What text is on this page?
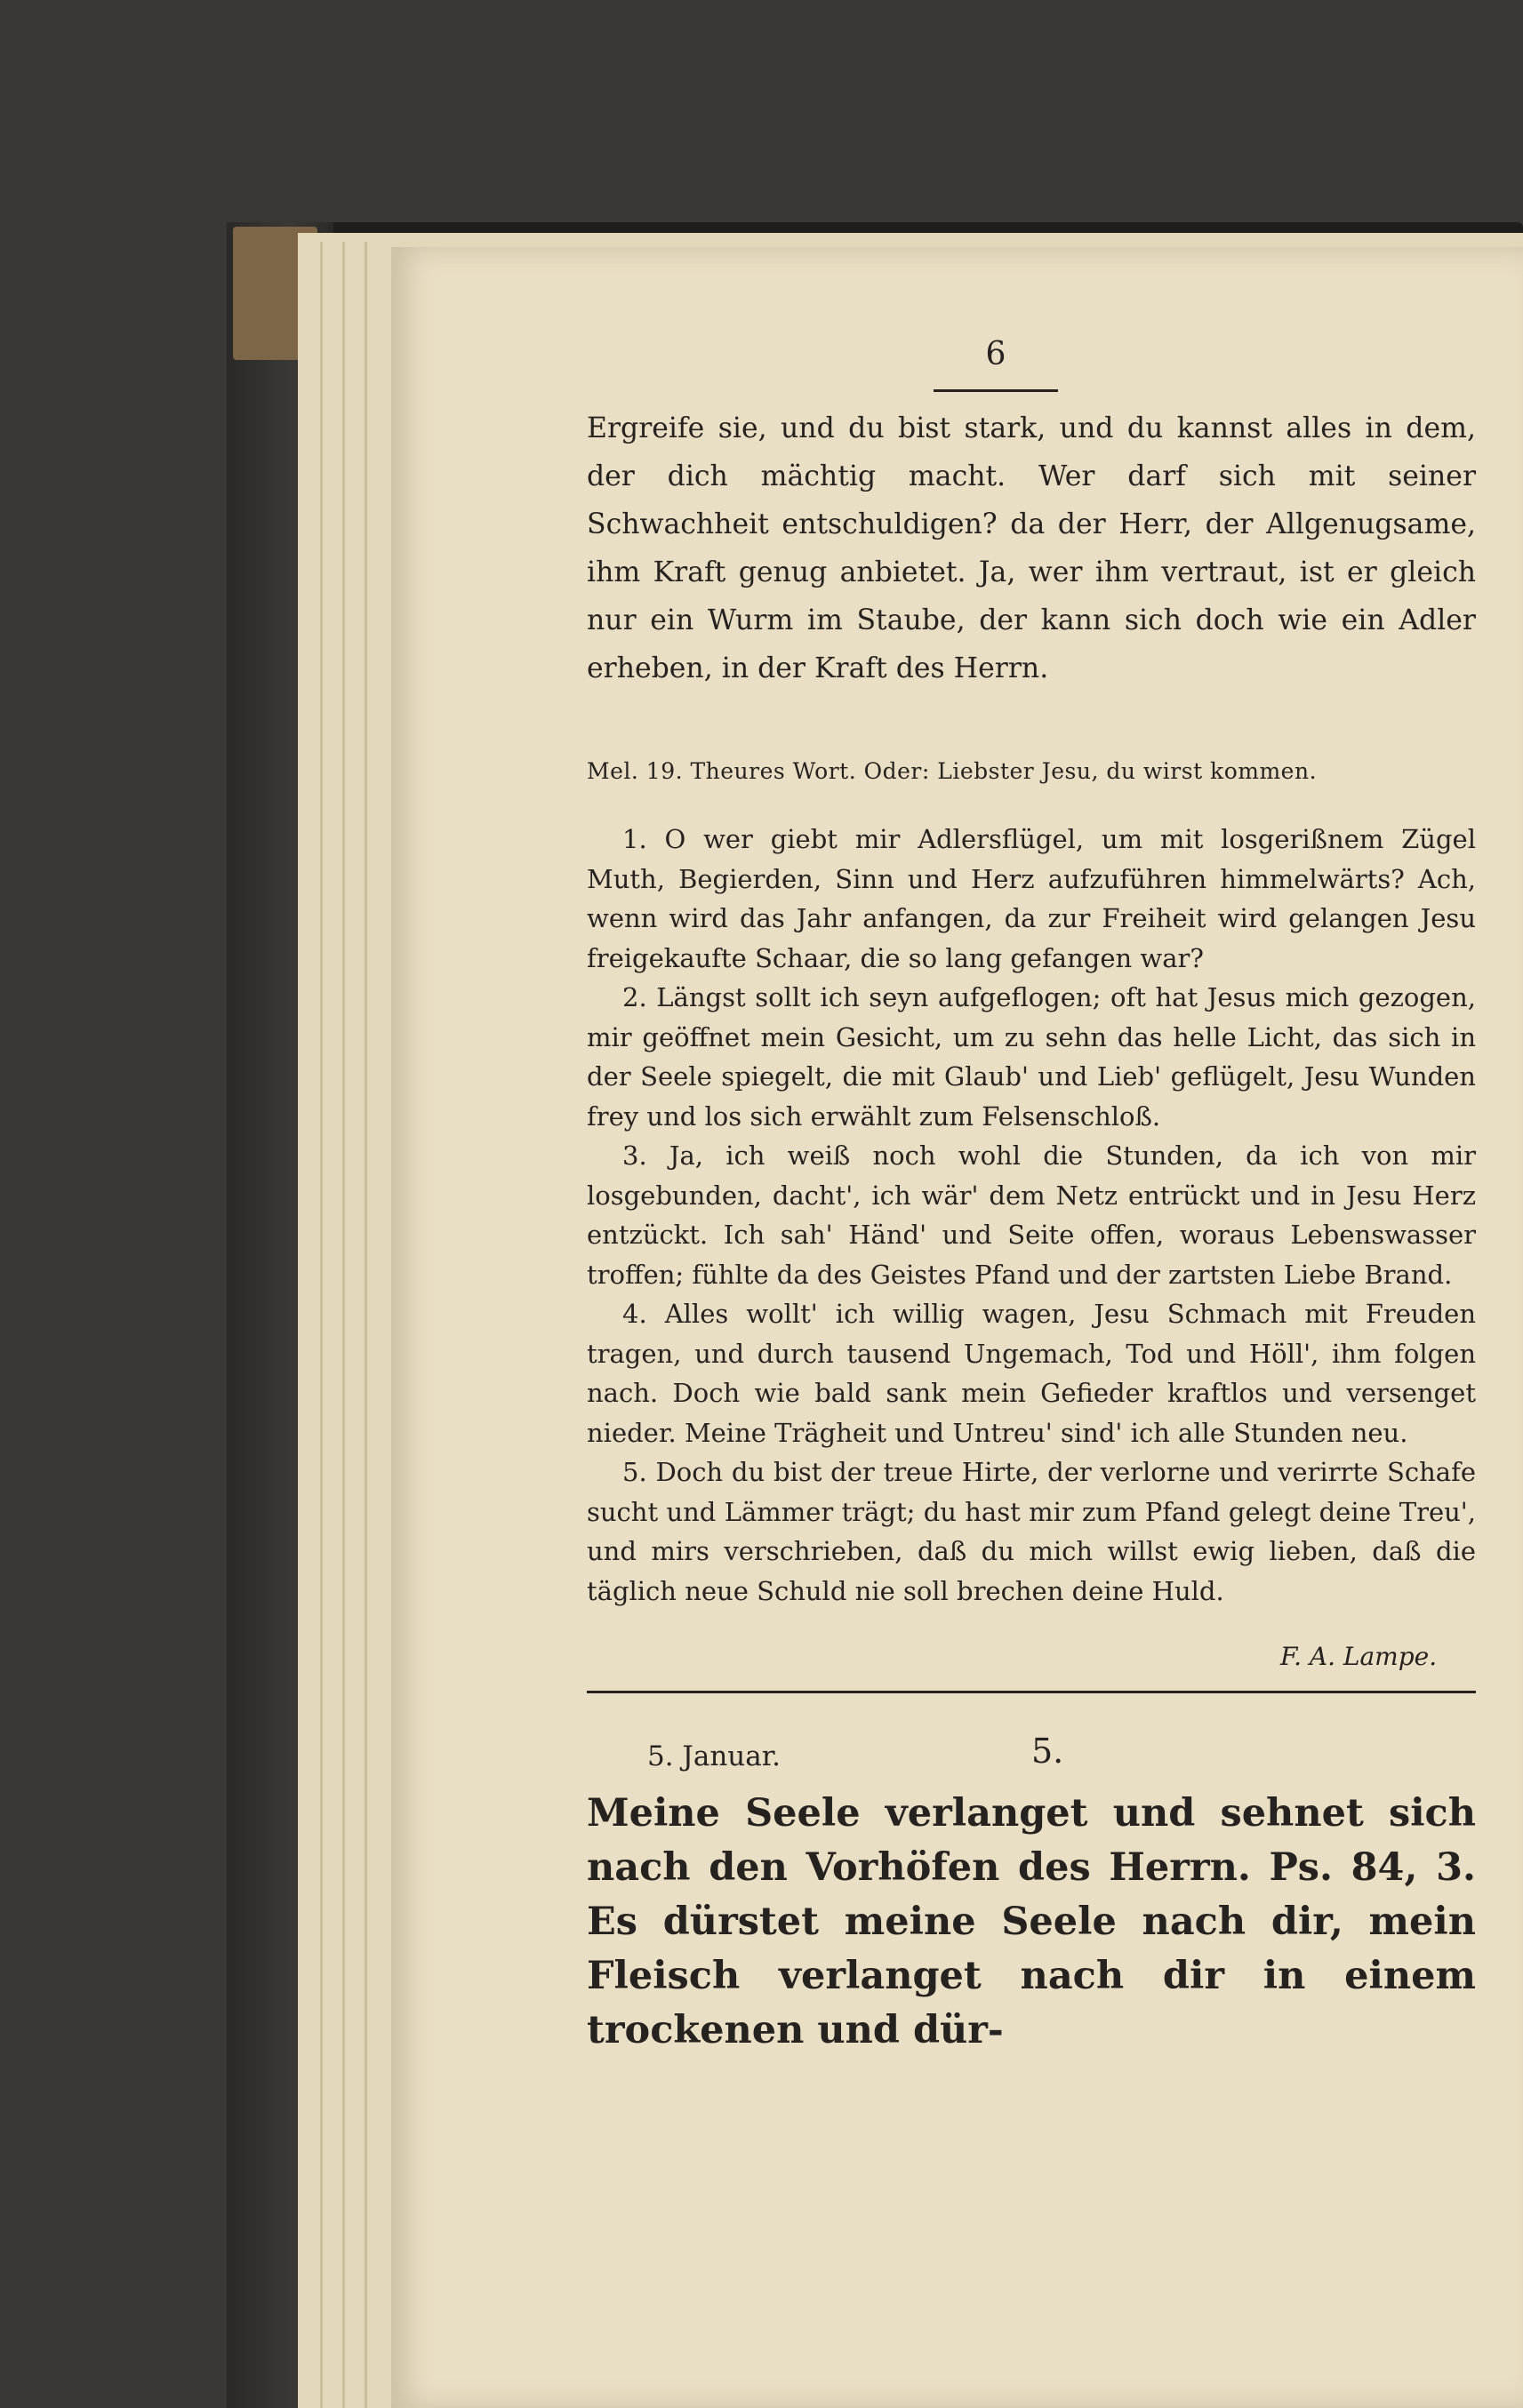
6
Ergreife sie, und du bist stark, und du kannst alles in dem, der dich mächtig macht. Wer darf sich mit seiner Schwachheit entschuldigen? da der Herr, der Allgenugsame, ihm Kraft genug anbietet. Ja, wer ihm vertraut, ist er gleich nur ein Wurm im Staube, der kann sich doch wie ein Adler erheben, in der Kraft des Herrn.
Mel. 19. Theures Wort. Oder: Liebster Jesu, du wirst kommen.

1. O wer giebt mir Adlersflügel, um mit losgerißnem Zügel Muth, Begierden, Sinn und Herz aufzuführen himmelwärts? Ach, wenn wird das Jahr anfangen, da zur Freiheit wird gelangen Jesu freigekaufte Schaar, die so lang gefangen war?

2. Längst sollt ich seyn aufgeflogen; oft hat Jesus mich gezogen, mir geöffnet mein Gesicht, um zu sehn das helle Licht, das sich in der Seele spiegelt, die mit Glaub' und Lieb' geflügelt, Jesu Wunden frey und los sich erwählt zum Felsenschloß.

3. Ja, ich weiß noch wohl die Stunden, da ich von mir losgebunden, dacht', ich wär' dem Netz entrückt und in Jesu Herz entzückt. Ich sah' Händ' und Seite offen, woraus Lebenswasser troffen; fühlte da des Geistes Pfand und der zartsten Liebe Brand.

4. Alles wollt' ich willig wagen, Jesu Schmach mit Freuden tragen, und durch tausend Ungemach, Tod und Höll', ihm folgen nach. Doch wie bald sank mein Gefieder kraftlos und versenget nieder. Meine Trägheit und Untreu' sind' ich alle Stunden neu.

5. Doch du bist der treue Hirte, der verlorne und verirrte Schafe sucht und Lämmer trägt; du hast mir zum Pfand gelegt deine Treu', und mirs verschrieben, daß du mich willst ewig lieben, daß die täglich neue Schuld nie soll brechen deine Huld.

F. A. Lampe.
5. Januar.	5.
Meine Seele verlanget und sehnet sich nach den Vorhöfen des Herrn. Ps. 84, 3. Es dürstet meine Seele nach dir, mein Fleisch verlanget nach dir in einem trockenen und dür-
